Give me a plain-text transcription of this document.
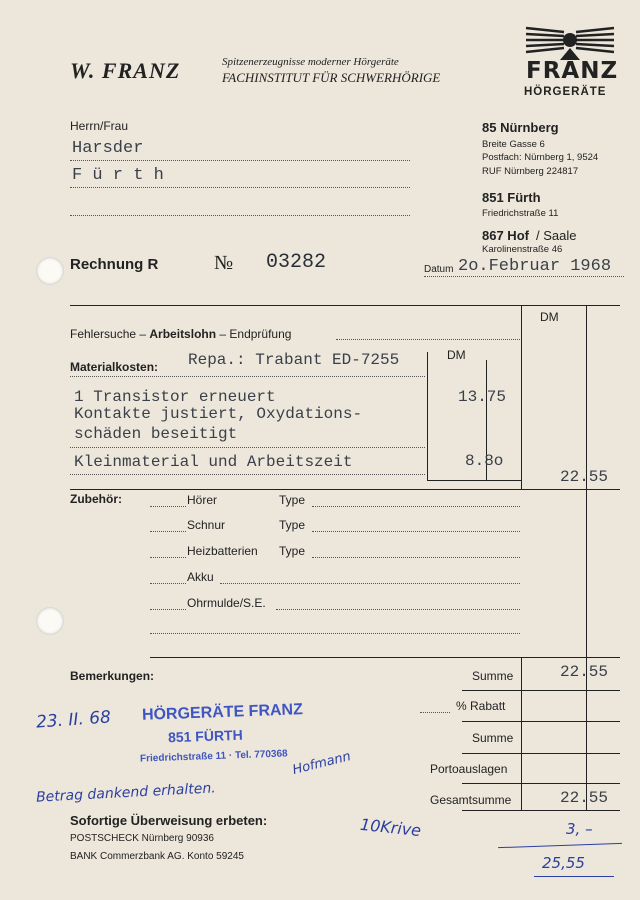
W. FRANZ	Spitzenerzeugnisse moderner Hörgeräte
FACHINSTITUT FÜR SCHWERHÖRIGE	FRANZ
HÖRGERÄTE
85 Nürnberg
Breite Gasse 6
Postfach: Nürnberg 1, 9524
RUF Nürnberg 224817
851 Fürth
Friedrichstraße 11
867 Hof / Saale
Karolinenstraße 46
Herrn/Frau
Harsder
F ü r t h
Rechnung R	№ 03282	Datum 2o.Februar 1968
DM
Fehlersuche – Arbeitslohn – Endprüfung
DM
Materialkosten: Repa.: Trabant ED-7255
1 Transistor erneuert
Kontakte justiert, Oxydations-
schäden beseitigt
13.75
Kleinmaterial und Arbeitszeit	8.8o
22.55
Zubehör:	Hörer	Type
Schnur	Type
Heizbatterien Type
Akku
Ohrmulde/S.E.
Bemerkungen:	Summe	22.55
% Rabatt
Summe
Portoauslagen
Gesamtsumme	22.55
Sofortige Überweisung erbeten:
POSTSCHECK Nürnberg 90936
BANK Commerzbank AG. Konto 59245
HÖRGERÄTE FRANZ
851 FÜRTH
Friedrichstraße 11 · Tel. 770368
23. II. 68
Betrag dankend erhalten.
Hofmann
10Krive	3, –
25,55
